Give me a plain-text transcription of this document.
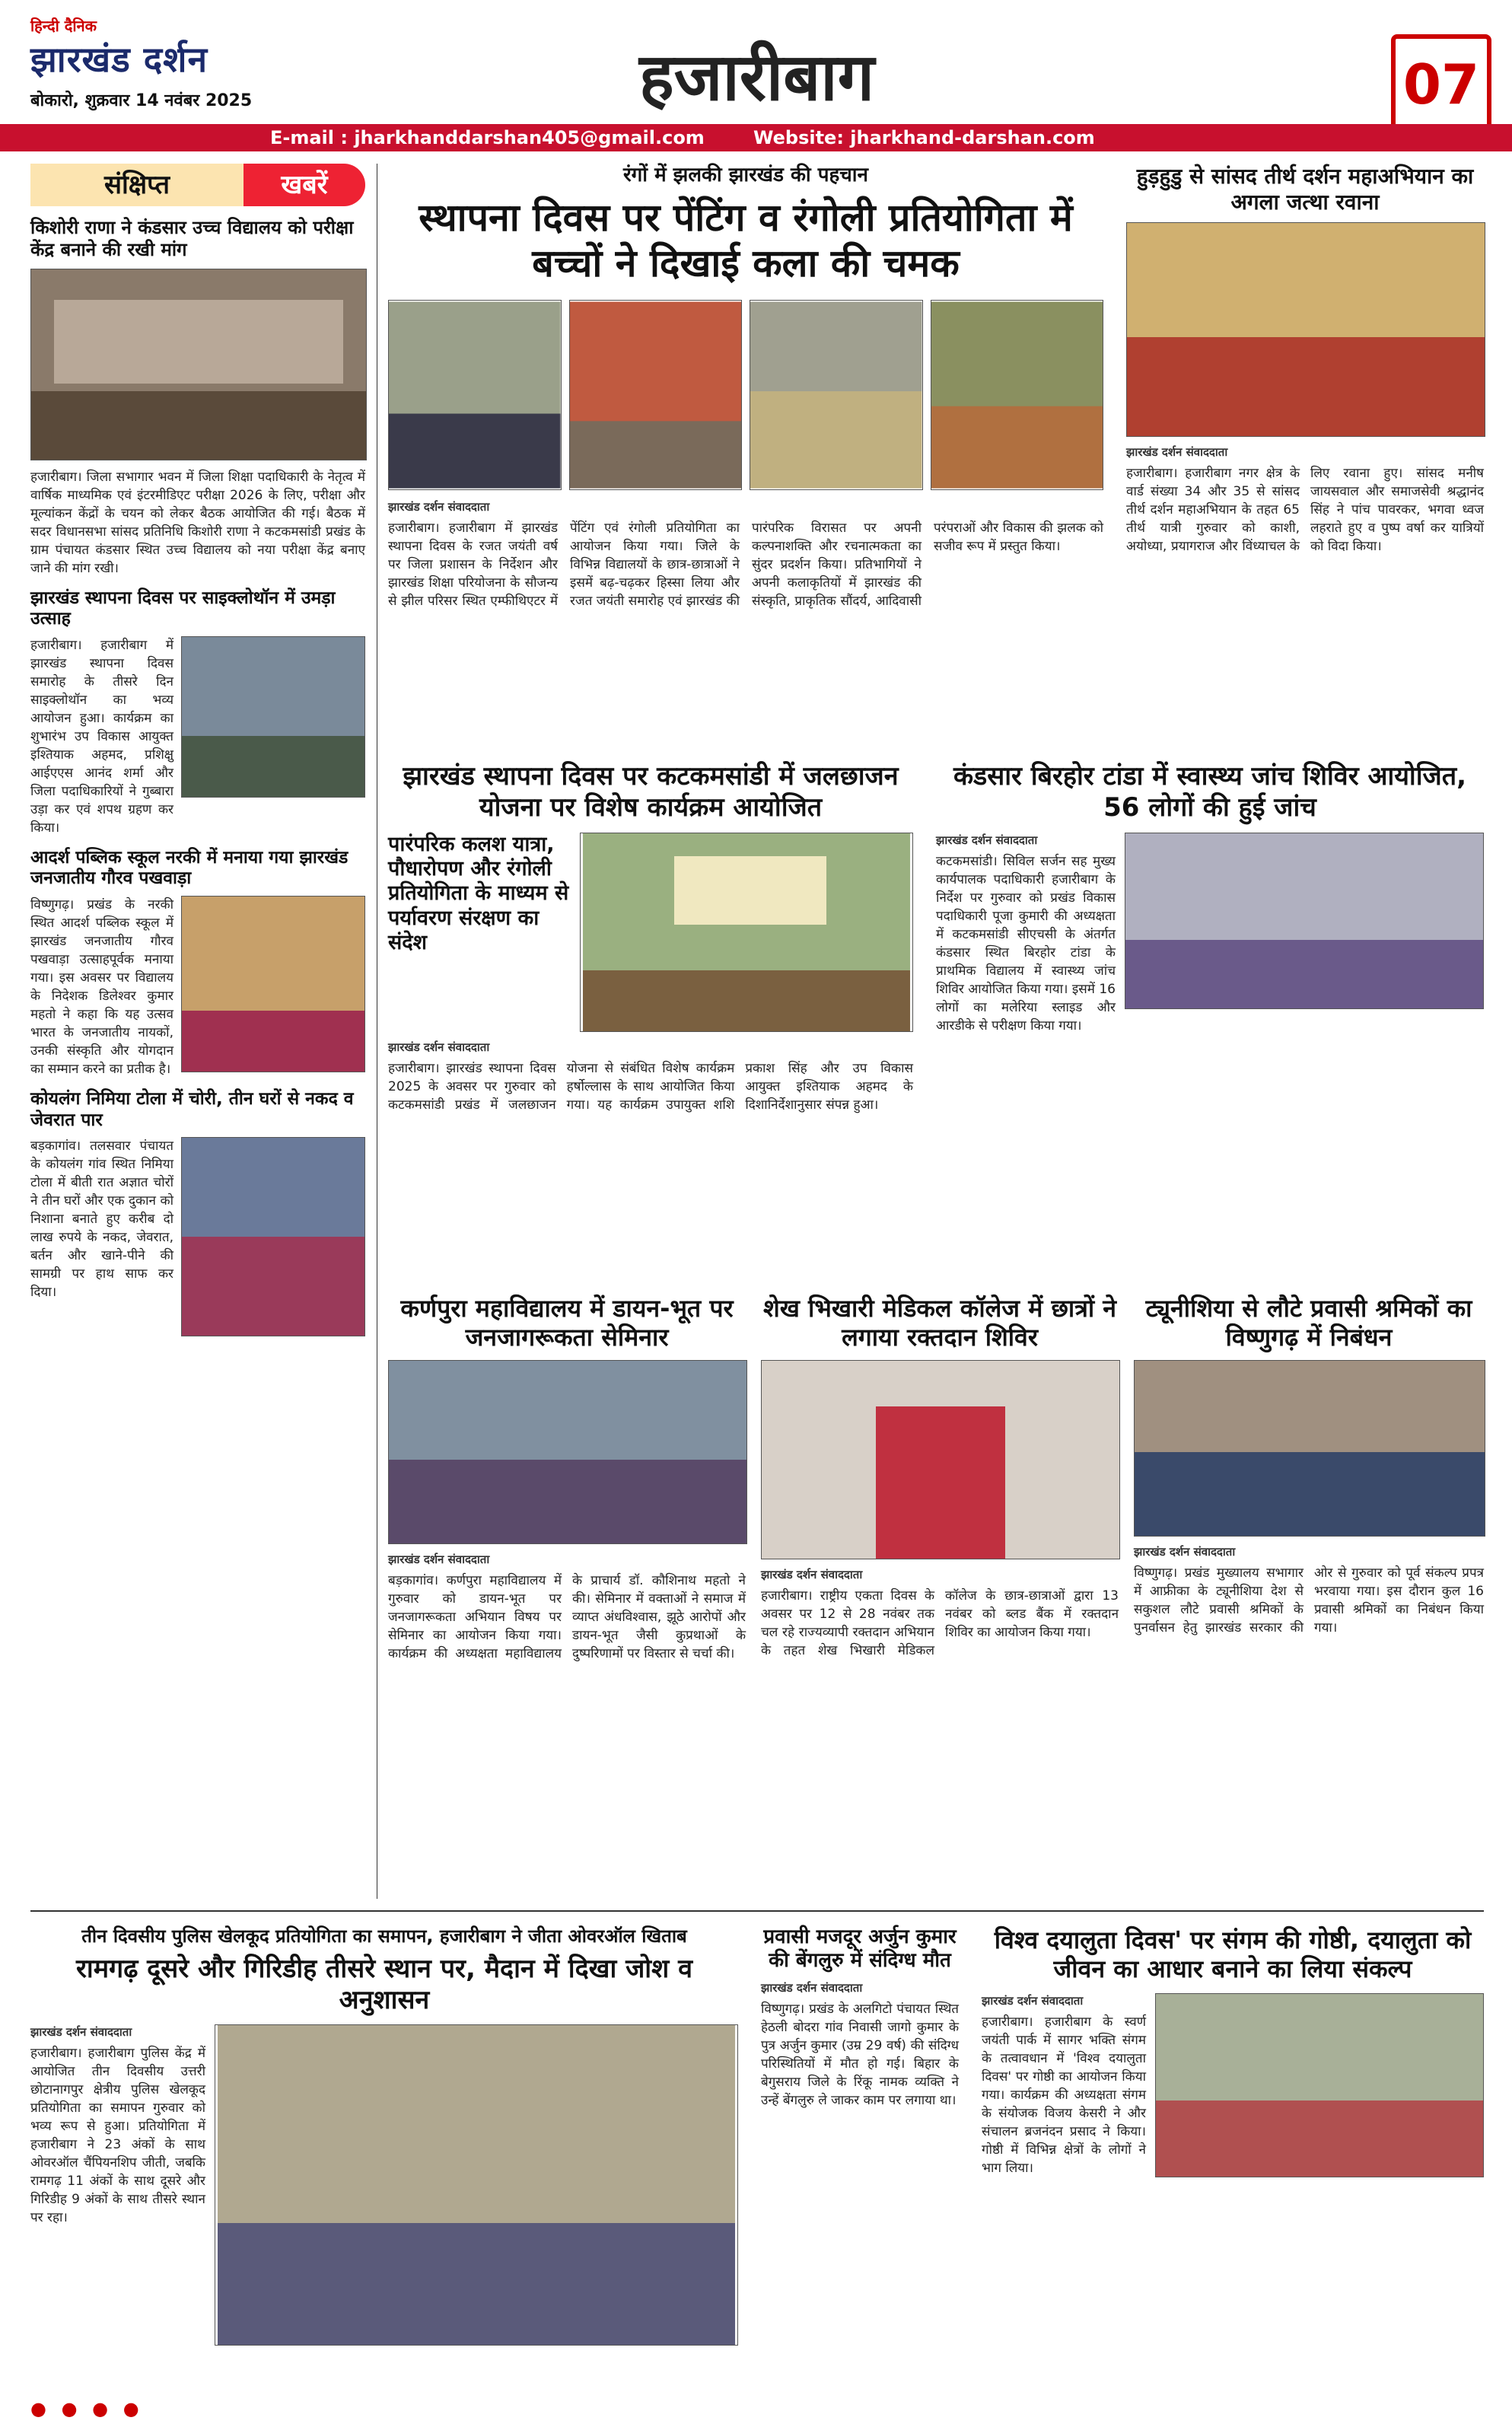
हिन्दी दैनिक
झारखंड दर्शन
बोकारो, शुक्रवार 14 नवंबर 2025	हजारीबाग	07
E-mail : jharkhanddarshan405@gmail.com	Website: jharkhand-darshan.com
संक्षिप्त	खबरें
किशोरी राणा ने कंडसार उच्च विद्यालय को परीक्षा केंद्र बनाने की रखी मांग
हजारीबाग। जिला सभागार भवन में जिला शिक्षा पदाधिकारी के नेतृत्व में वार्षिक माध्यमिक एवं इंटरमीडिएट परीक्षा 2026 के लिए, परीक्षा और मूल्यांकन केंद्रों के चयन को लेकर बैठक आयोजित की गई। बैठक में सदर विधानसभा सांसद प्रतिनिधि किशोरी राणा ने कटकमसांडी प्रखंड के ग्राम पंचायत कंडसार स्थित उच्च विद्यालय को नया परीक्षा केंद्र बनाए जाने की मांग रखी।
झारखंड स्थापना दिवस पर साइक्लोथॉन में उमड़ा उत्साह
हजारीबाग। हजारीबाग में झारखंड स्थापना दिवस समारोह के तीसरे दिन साइक्लोथॉन का भव्य आयोजन हुआ। कार्यक्रम का शुभारंभ उप विकास आयुक्त इश्तियाक अहमद, प्रशिक्षु आईएएस आनंद शर्मा और जिला पदाधिकारियों ने गुब्बारा उड़ा कर एवं शपथ ग्रहण कर किया।
आदर्श पब्लिक स्कूल नरकी में मनाया गया झारखंड जनजातीय गौरव पखवाड़ा
विष्णुगढ़। प्रखंड के नरकी स्थित आदर्श पब्लिक स्कूल में झारखंड जनजातीय गौरव पखवाड़ा उत्साहपूर्वक मनाया गया। इस अवसर पर विद्यालय के निदेशक डिलेश्वर कुमार महतो ने कहा कि यह उत्सव भारत के जनजातीय नायकों, उनकी संस्कृति और योगदान का सम्मान करने का प्रतीक है।
कोयलंग निमिया टोला में चोरी, तीन घरों से नकद व जेवरात पार
बड़कागांव। तलसवार पंचायत के कोयलंग गांव स्थित निमिया टोला में बीती रात अज्ञात चोरों ने तीन घरों और एक दुकान को निशाना बनाते हुए करीब दो लाख रुपये के नकद, जेवरात, बर्तन और खाने-पीने की सामग्री पर हाथ साफ कर दिया।
रंगों में झलकी झारखंड की पहचान
स्थापना दिवस पर पेंटिंग व रंगोली प्रतियोगिता में बच्चों ने दिखाई कला की चमक
झारखंड दर्शन संवाददाता
हजारीबाग। हजारीबाग में झारखंड स्थापना दिवस के रजत जयंती वर्ष पर जिला प्रशासन के निर्देशन और झारखंड शिक्षा परियोजना के सौजन्य से झील परिसर स्थित एम्फीथिएटर में पेंटिंग एवं रंगोली प्रतियोगिता का आयोजन किया गया। जिले के विभिन्न विद्यालयों के छात्र-छात्राओं ने इसमें बढ़-चढ़कर हिस्सा लिया और रजत जयंती समारोह एवं झारखंड की पारंपरिक विरासत पर अपनी कल्पनाशक्ति और रचनात्मकता का सुंदर प्रदर्शन किया। प्रतिभागियों ने अपनी कलाकृतियों में झारखंड की संस्कृति, प्राकृतिक सौंदर्य, आदिवासी परंपराओं और विकास की झलक को सजीव रूप में प्रस्तुत किया।
हुड़हुडु से सांसद तीर्थ दर्शन महाअभियान का अगला जत्था रवाना
झारखंड दर्शन संवाददाता
हजारीबाग। हजारीबाग नगर क्षेत्र के वार्ड संख्या 34 और 35 से सांसद तीर्थ दर्शन महाअभियान के तहत 65 तीर्थ यात्री गुरुवार को काशी, अयोध्या, प्रयागराज और विंध्याचल के लिए रवाना हुए। सांसद मनीष जायसवाल और समाजसेवी श्रद्धानंद सिंह ने पांच पावरकर, भगवा ध्वज लहराते हुए व पुष्प वर्षा कर यात्रियों को विदा किया।
झारखंड स्थापना दिवस पर कटकमसांडी में जलछाजन योजना पर विशेष कार्यक्रम आयोजित
पारंपरिक कलश यात्रा, पौधारोपण और रंगोली प्रतियोगिता के माध्यम से पर्यावरण संरक्षण का संदेश
झारखंड दर्शन संवाददाता
हजारीबाग। झारखंड स्थापना दिवस 2025 के अवसर पर गुरुवार को कटकमसांडी प्रखंड में जलछाजन योजना से संबंधित विशेष कार्यक्रम हर्षोल्लास के साथ आयोजित किया गया। यह कार्यक्रम उपायुक्त शशि प्रकाश सिंह और उप विकास आयुक्त इश्तियाक अहमद के दिशानिर्देशानुसार संपन्न हुआ।
कंडसार बिरहोर टांडा में स्वास्थ्य जांच शिविर आयोजित, 56 लोगों की हुई जांच
झारखंड दर्शन संवाददाता
कटकमसांडी। सिविल सर्जन सह मुख्य कार्यपालक पदाधिकारी हजारीबाग के निर्देश पर गुरुवार को प्रखंड विकास पदाधिकारी पूजा कुमारी की अध्यक्षता में कटकमसांडी सीएचसी के अंतर्गत कंडसार स्थित बिरहोर टांडा के प्राथमिक विद्यालय में स्वास्थ्य जांच शिविर आयोजित किया गया। इसमें 16 लोगों का मलेरिया स्लाइड और आरडीके से परीक्षण किया गया।
कर्णपुरा महाविद्यालय में डायन-भूत पर जनजागरूकता सेमिनार
झारखंड दर्शन संवाददाता
बड़कागांव। कर्णपुरा महाविद्यालय में गुरुवार को डायन-भूत पर जनजागरूकता अभियान विषय पर सेमिनार का आयोजन किया गया। कार्यक्रम की अध्यक्षता महाविद्यालय के प्राचार्य डॉ. कौशिनाथ महतो ने की। सेमिनार में वक्ताओं ने समाज में व्याप्त अंधविश्वास, झूठे आरोपों और डायन-भूत जैसी कुप्रथाओं के दुष्परिणामों पर विस्तार से चर्चा की।
शेख भिखारी मेडिकल कॉलेज में छात्रों ने लगाया रक्तदान शिविर
झारखंड दर्शन संवाददाता
हजारीबाग। राष्ट्रीय एकता दिवस के अवसर पर 12 से 28 नवंबर तक चल रहे राज्यव्यापी रक्तदान अभियान के तहत शेख भिखारी मेडिकल कॉलेज के छात्र-छात्राओं द्वारा 13 नवंबर को ब्लड बैंक में रक्तदान शिविर का आयोजन किया गया।
ट्यूनीशिया से लौटे प्रवासी श्रमिकों का विष्णुगढ़ में निबंधन
झारखंड दर्शन संवाददाता
विष्णुगढ़। प्रखंड मुख्यालय सभागार में आफ्रीका के ट्यूनीशिया देश से सकुशल लौटे प्रवासी श्रमिकों के पुनर्वासन हेतु झारखंड सरकार की ओर से गुरुवार को पूर्व संकल्प प्रपत्र भरवाया गया। इस दौरान कुल 16 प्रवासी श्रमिकों का निबंधन किया गया।
तीन दिवसीय पुलिस खेलकूद प्रतियोगिता का समापन, हजारीबाग ने जीता ओवरऑल खिताब
रामगढ़ दूसरे और गिरिडीह तीसरे स्थान पर, मैदान में दिखा जोश व अनुशासन
झारखंड दर्शन संवाददाता
हजारीबाग। हजारीबाग पुलिस केंद्र में आयोजित तीन दिवसीय उत्तरी छोटानागपुर क्षेत्रीय पुलिस खेलकूद प्रतियोगिता का समापन गुरुवार को भव्य रूप से हुआ। प्रतियोगिता में हजारीबाग ने 23 अंकों के साथ ओवरऑल चैंपियनशिप जीती, जबकि रामगढ़ 11 अंकों के साथ दूसरे और गिरिडीह 9 अंकों के साथ तीसरे स्थान पर रहा।
प्रवासी मजदूर अर्जुन कुमार की बेंगलुरु में संदिग्ध मौत
झारखंड दर्शन संवाददाता
विष्णुगढ़। प्रखंड के अलगिटो पंचायत स्थित हेठली बोदरा गांव निवासी जागो कुमार के पुत्र अर्जुन कुमार (उम्र 29 वर्ष) की संदिग्ध परिस्थितियों में मौत हो गई। बिहार के बेगुसराय जिले के रिंकू नामक व्यक्ति ने उन्हें बेंगलुरु ले जाकर काम पर लगाया था।
विश्व दयालुता दिवस' पर संगम की गोष्ठी, दयालुता को जीवन का आधार बनाने का लिया संकल्प
झारखंड दर्शन संवाददाता
हजारीबाग। हजारीबाग के स्वर्ण जयंती पार्क में सागर भक्ति संगम के तत्वावधान में 'विश्व दयालुता दिवस' पर गोष्ठी का आयोजन किया गया। कार्यक्रम की अध्यक्षता संगम के संयोजक विजय केसरी ने और संचालन ब्रजनंदन प्रसाद ने किया। गोष्ठी में विभिन्न क्षेत्रों के लोगों ने भाग लिया।
● ● ● ●
